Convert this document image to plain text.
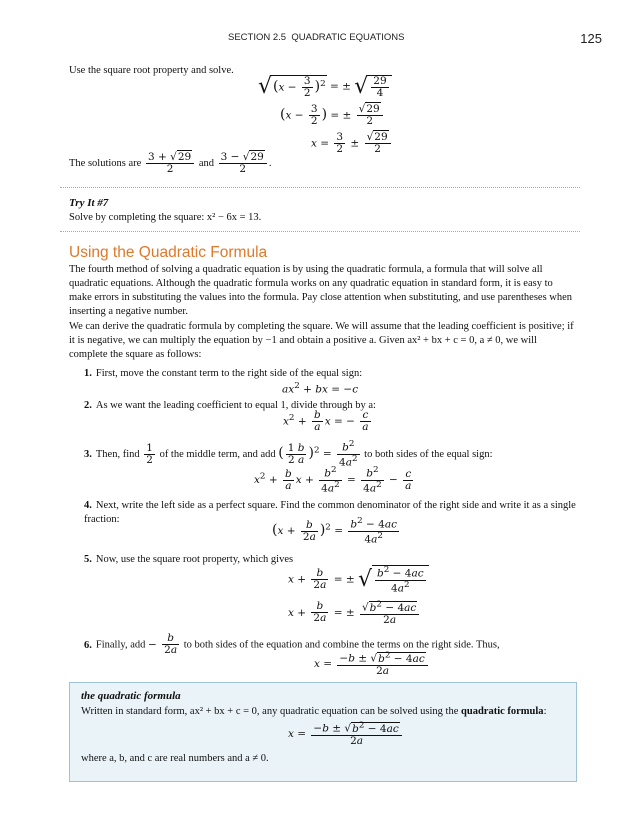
SECTION 2.5 QUADRATIC EQUATIONS	125

Use the square root property and solve.

$√(x - \frac{3}{2} )^2$ = ± √ $\frac{29}{4}$
($x - \frac{3}{2}$ ) = ± $\frac{√29}{2}$
$x = \frac{3}{2} \pm \frac{√29}{2}$
The solutions are $\frac{3 + √29}{2}$ and $\frac{3 - √29}{2}$ .
Try It #7

Solve by completing the square: x² − 6x = 13.

Using the Quadratic Formula

The fourth method of solving a quadratic equation is by using the quadratic formula, a formula that will solve all quadratic equations. Although the quadratic formula works on any quadratic equation in standard form, it is easy to make errors in substituting the values into the formula. Pay close attention when substituting, and use parentheses when inserting a negative number.

We can derive the quadratic formula by completing the square. We will assume that the leading coefficient is positive; if it is negative, we can multiply the equation by −1 and obtain a positive a. Given ax² + bx + c = 0, a ≠ 0, we will complete the square as follows:

1. First, move the constant term to the right side of the equal sign:
$ax^2$ + bx = −c
2. As we want the leading coefficient to equal 1, divide through by a:
$x^2 + \frac{b}{a}$ x = − $\frac{c}{a}$
3. Then, find $\frac{1}{2}$ of the middle term, and add ( $\frac{1 b}{2 a} )^2 = \frac{b^2}{4a^2}$ to both sides of the equal sign:
$x^2 + \frac{b}{a}$ $x + \frac{b^2}{4a^2} = \frac{b^2}{4a^2} - \frac{c}{a}$
4. Next, write the left side as a perfect square. Find the common denominator of the right side and write it as a single fraction:
$(x + \frac{b}{2a} )^2 = \frac{b^2 - 4ac}{4a^2}$
5. Now, use the square root property, which gives
$x + \frac{b}{2a}$ = ± √ $\frac{b^2 - 4ac}{4a^2}$
$x + \frac{b}{2a}$ = ± $\frac{√b^2 - 4ac}{2a}$
6. Finally, add − $\frac{b}{2a}$ to both sides of the equation and combine the terms on the right side. Thus,
$x = \frac{-b \pm √b^2 - 4ac}{2a}$
the quadratic formula
Written in standard form, ax² + bx + c = 0, any quadratic equation can be solved using the quadratic formula:
$x = \frac{-b \pm √b^2 - 4ac}{2a}$
where a, b, and c are real numbers and a ≠ 0.
